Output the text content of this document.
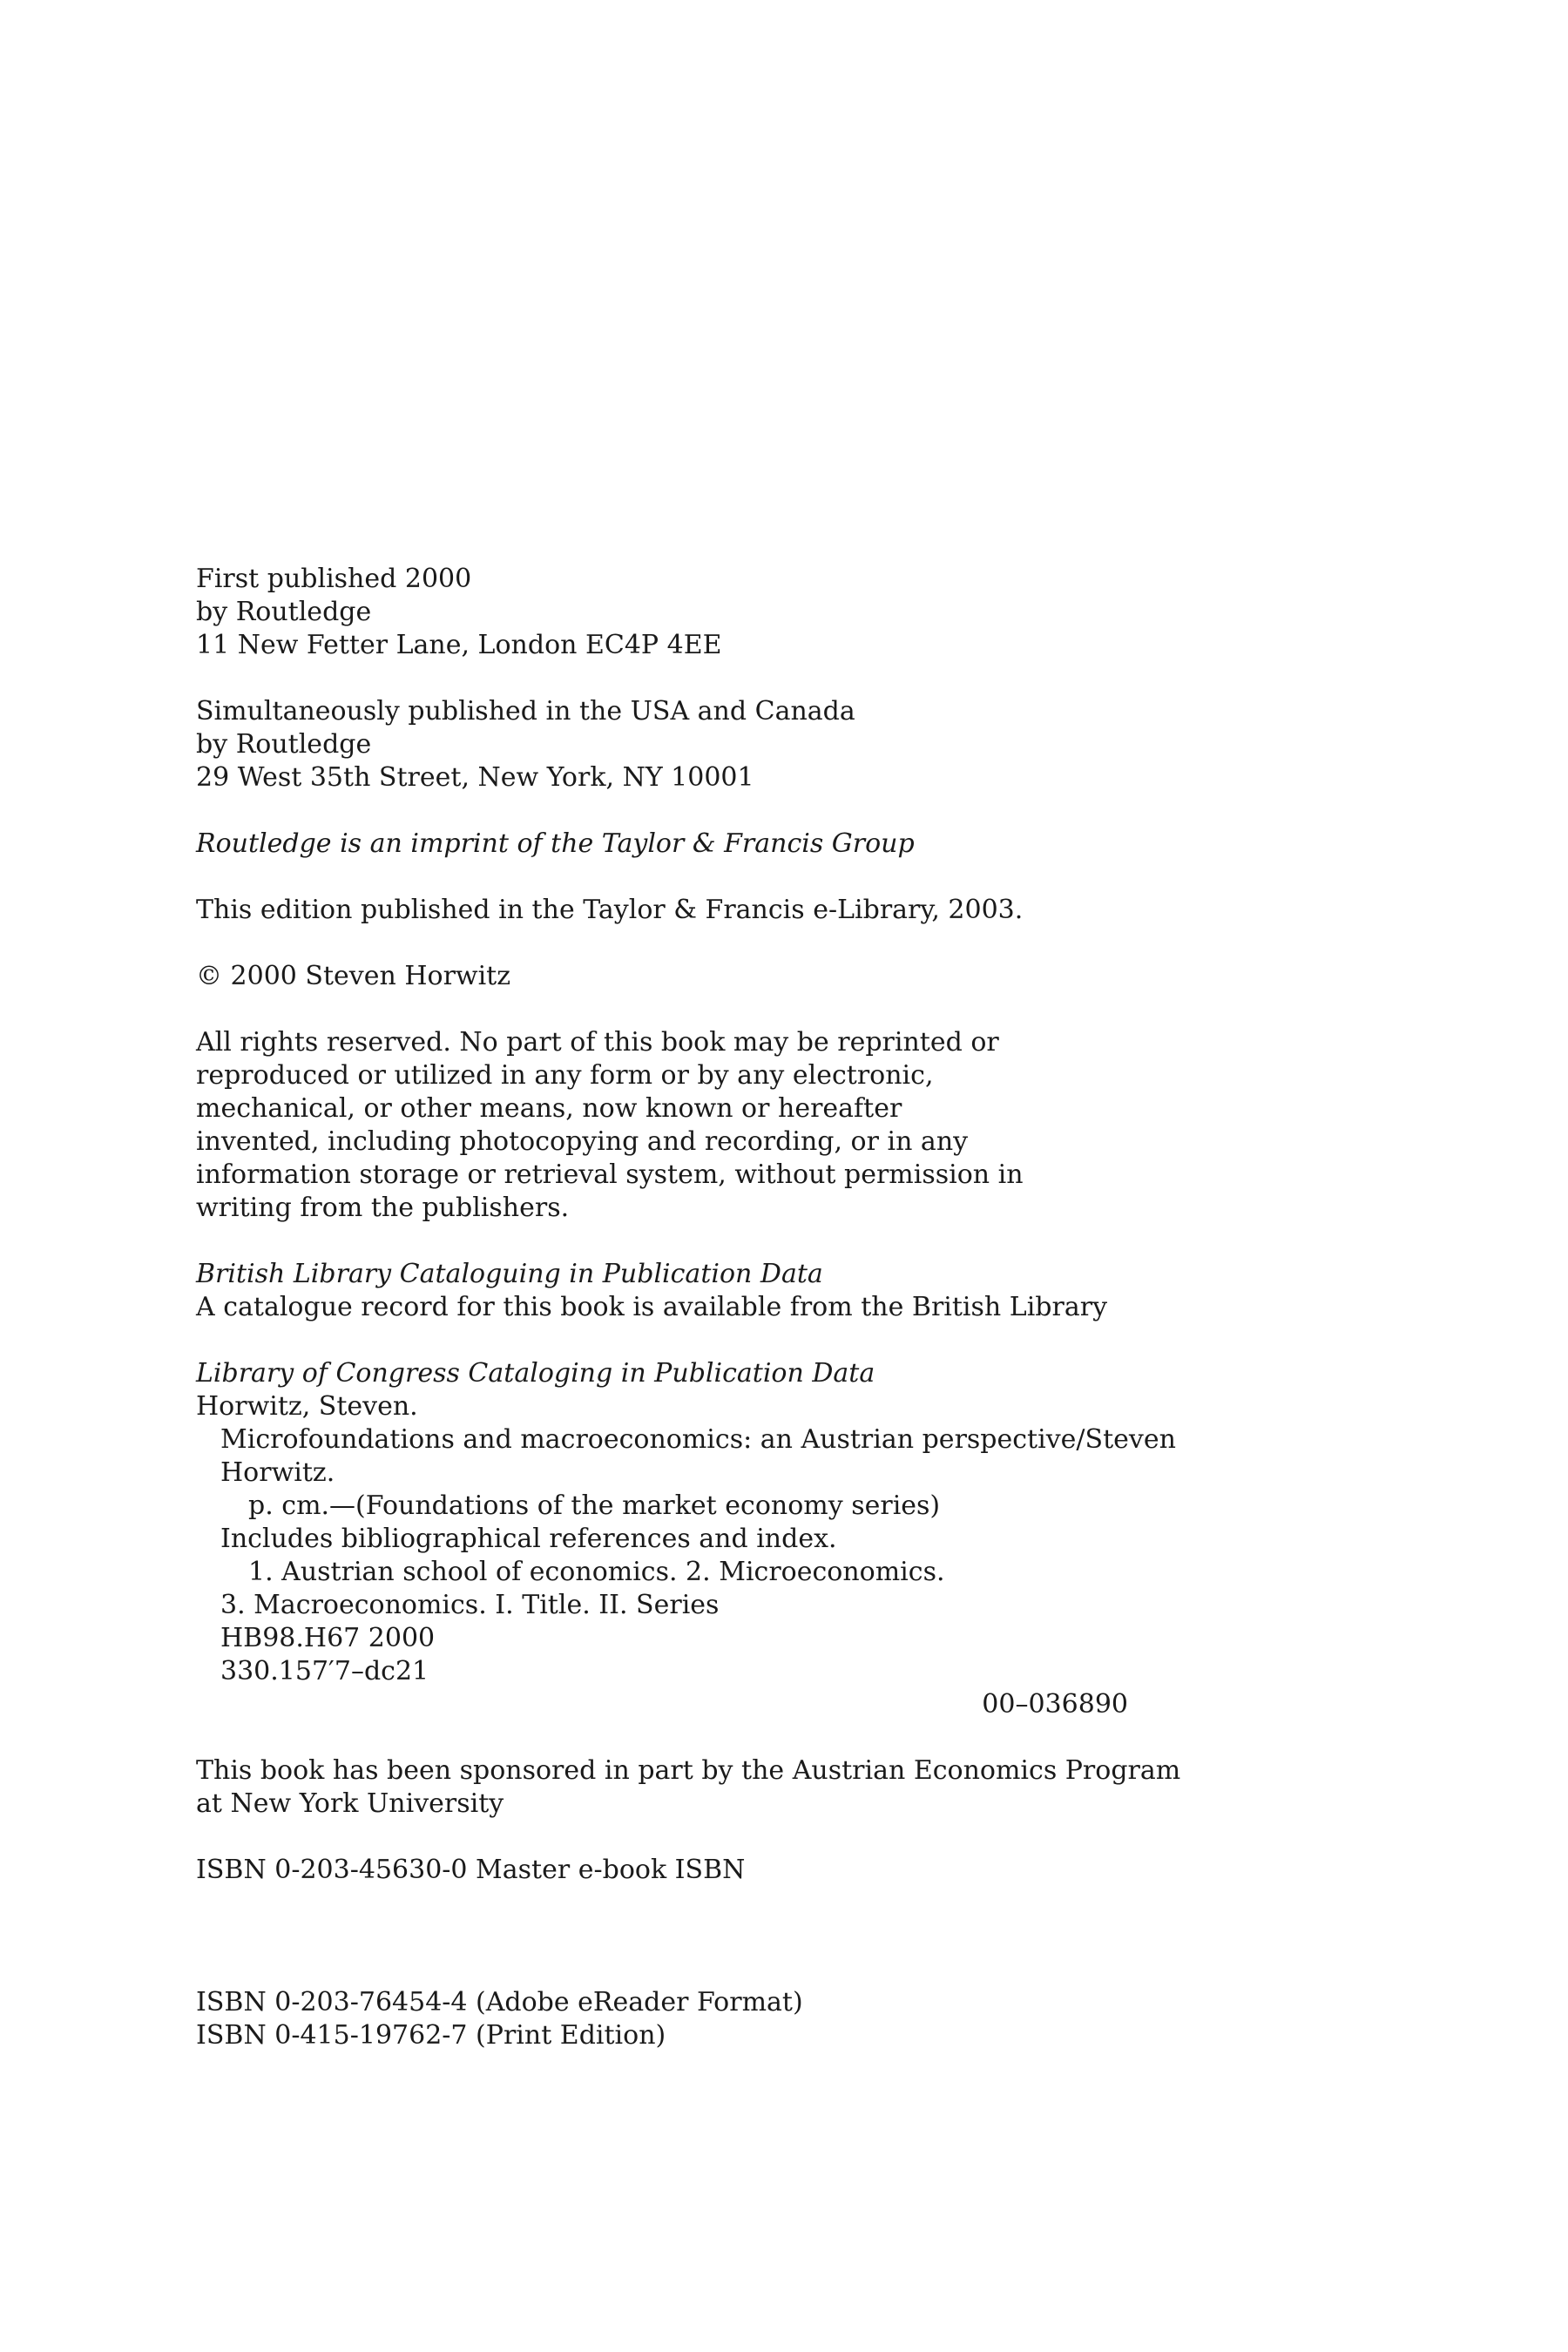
First published 2000
by Routledge
11 New Fetter Lane, London EC4P 4EE
Simultaneously published in the USA and Canada
by Routledge
29 West 35th Street, New York, NY 10001
Routledge is an imprint of the Taylor & Francis Group
This edition published in the Taylor & Francis e-Library, 2003.
© 2000 Steven Horwitz
All rights reserved. No part of this book may be reprinted or
reproduced or utilized in any form or by any electronic,
mechanical, or other means, now known or hereafter
invented, including photocopying and recording, or in any
information storage or retrieval system, without permission in
writing from the publishers.
British Library Cataloguing in Publication Data
A catalogue record for this book is available from the British Library
Library of Congress Cataloging in Publication Data
Horwitz, Steven.
Microfoundations and macroeconomics: an Austrian perspective/Steven
Horwitz.
p. cm.—(Foundations of the market economy series)
Includes bibliographical references and index.
1. Austrian school of economics. 2. Microeconomics.
3. Macroeconomics. I. Title. II. Series
HB98.H67 2000
330.157′7–dc21
00–036890
This book has been sponsored in part by the Austrian Economics Program
at New York University
ISBN 0-203-45630-0 Master e-book ISBN
ISBN 0-203-76454-4 (Adobe eReader Format)
ISBN 0-415-19762-7 (Print Edition)
